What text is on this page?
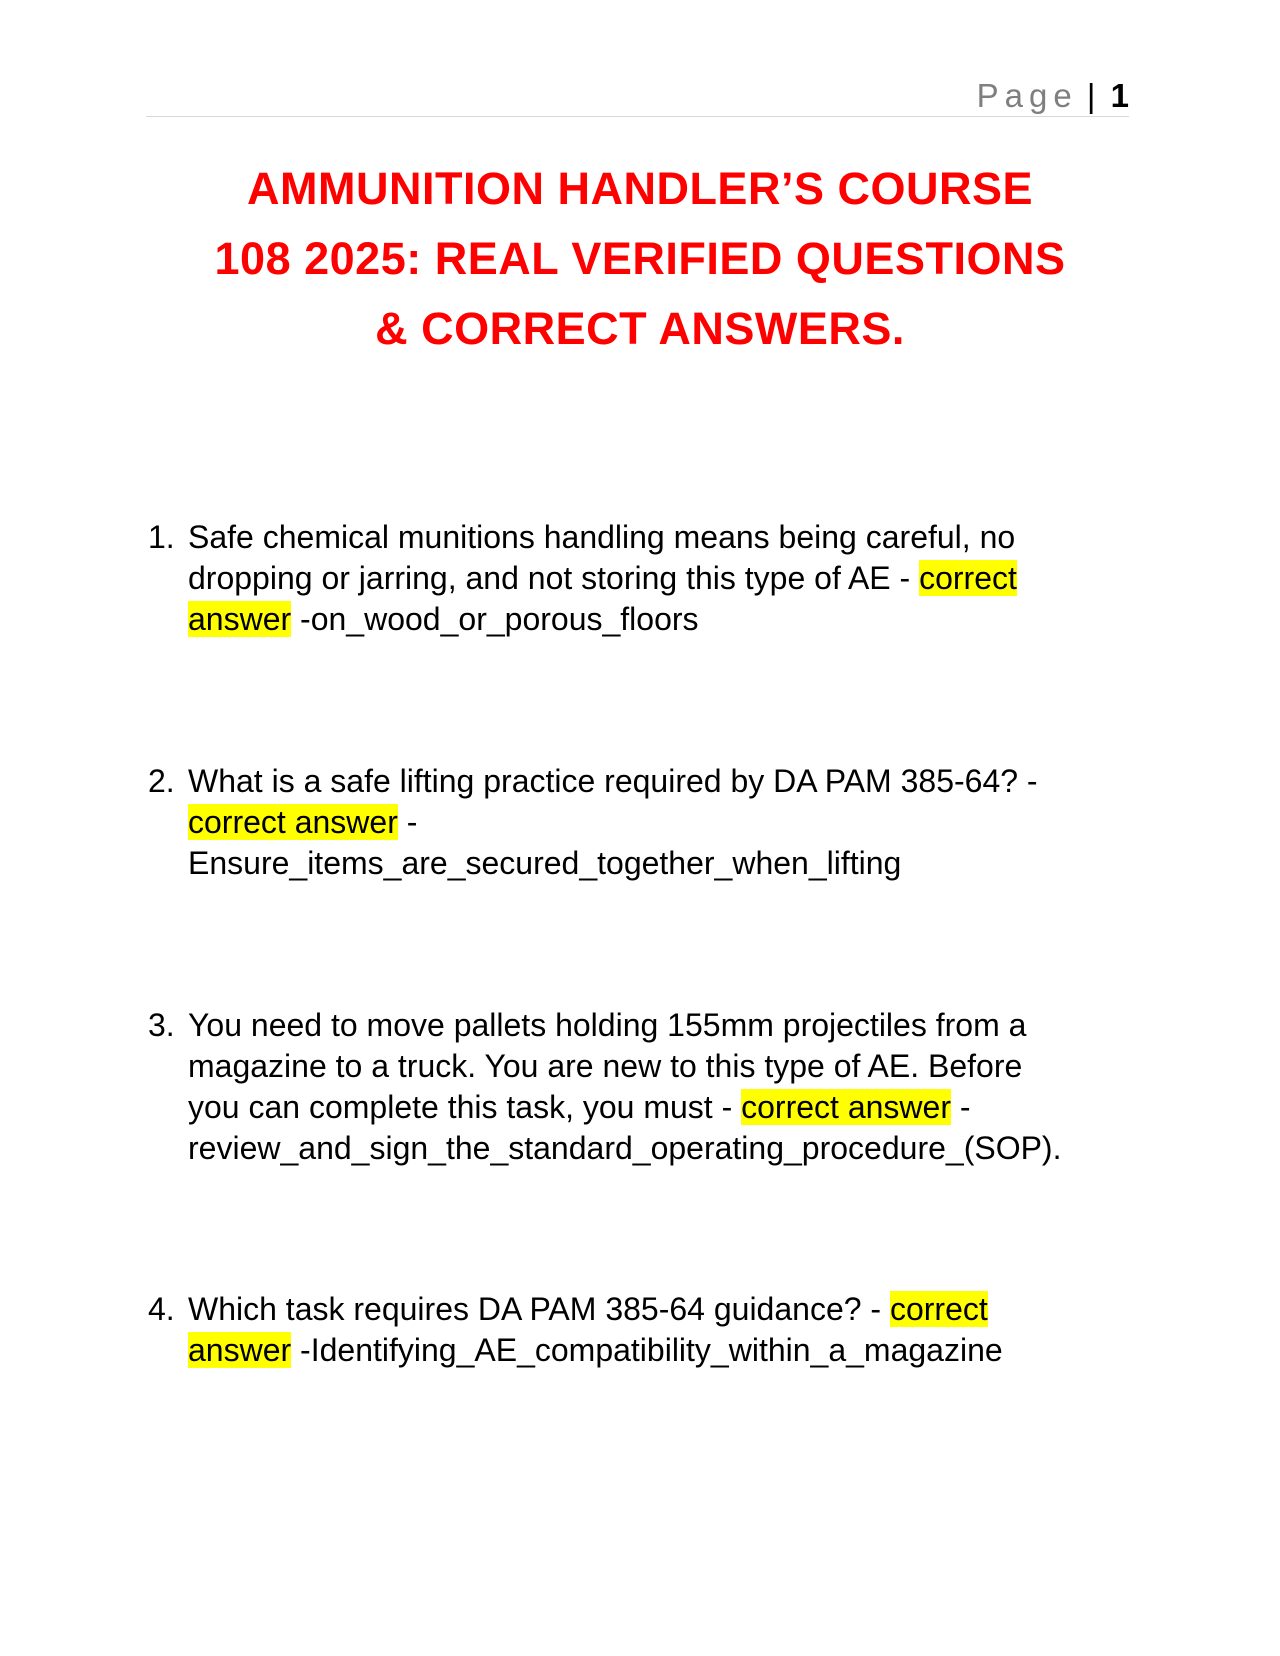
Page | 1
AMMUNITION HANDLER’S COURSE
108 2025: REAL VERIFIED QUESTIONS
& CORRECT ANSWERS.
1. Safe chemical munitions handling means being careful, no dropping or jarring, and not storing this type of AE - correct answer -on_wood_or_porous_floors
2. What is a safe lifting practice required by DA PAM 385-64? - correct answer - Ensure_items_are_secured_together_when_lifting
3. You need to move pallets holding 155mm projectiles from a magazine to a truck. You are new to this type of AE. Before you can complete this task, you must - correct answer - review_and_sign_the_standard_operating_procedure_(SOP).
4. Which task requires DA PAM 385-64 guidance? - correct answer -Identifying_AE_compatibility_within_a_magazine
